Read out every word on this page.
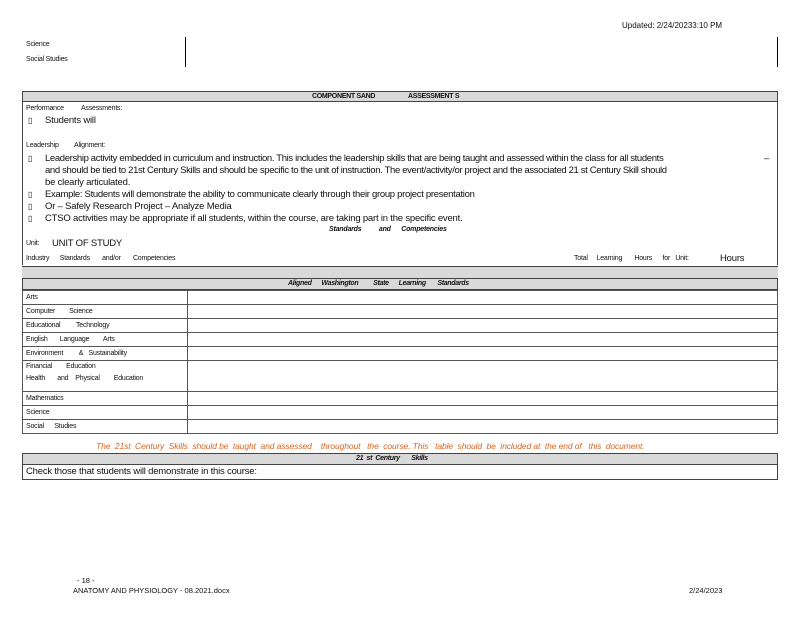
Updated: 2/24/20233:10 PM
Science
Social Studies
COMPONENT SAND	ASSESSMENT S
Performance Assessments:
▯ Students will
Leadership Alignment:
▯ Leadership activity embedded in curriculum and instruction. This includes the leadership skills that are being taught and assessed within the class for all students	–
and should be tied to 21st Century Skills and should be specific to the unit of instruction. The event/activity/or project and the associated 21 st Century Skill should
be clearly articulated.
▯ Example: Students will demonstrate the ability to communicate clearly through their group project presentation
▯ Or – Safely Research Project – Analyze Media
▯ CTSO activities may be appropriate if all students, within the course, are taking part in the specific event.
Standards and Competencies
Unit: UNIT OF STUDY
Industry      Standards       and/or       Competencies	Total     Learning       Hours      for   Unit:	Hours
Aligned      Washington         State      Learning       Standards
Arts	
Computer        Science	
Educational         Technology	
English       Language        Arts	
Environment         &   Sustainability	
Financial        Education

Health       and    Physical        Education	
Mathematics	
Science	
Social      Studies	
The  21st  Century  Skills  should be  taught  and assessed    throughout   the  course. This   table  should  be  included at  the end of   this  document.
21  st  Century       Skills
Check those that students will demonstrate in this course:
- 18 -
ANATOMY AND PHYSIOLOGY - 08.2021.docx	2/24/2023
